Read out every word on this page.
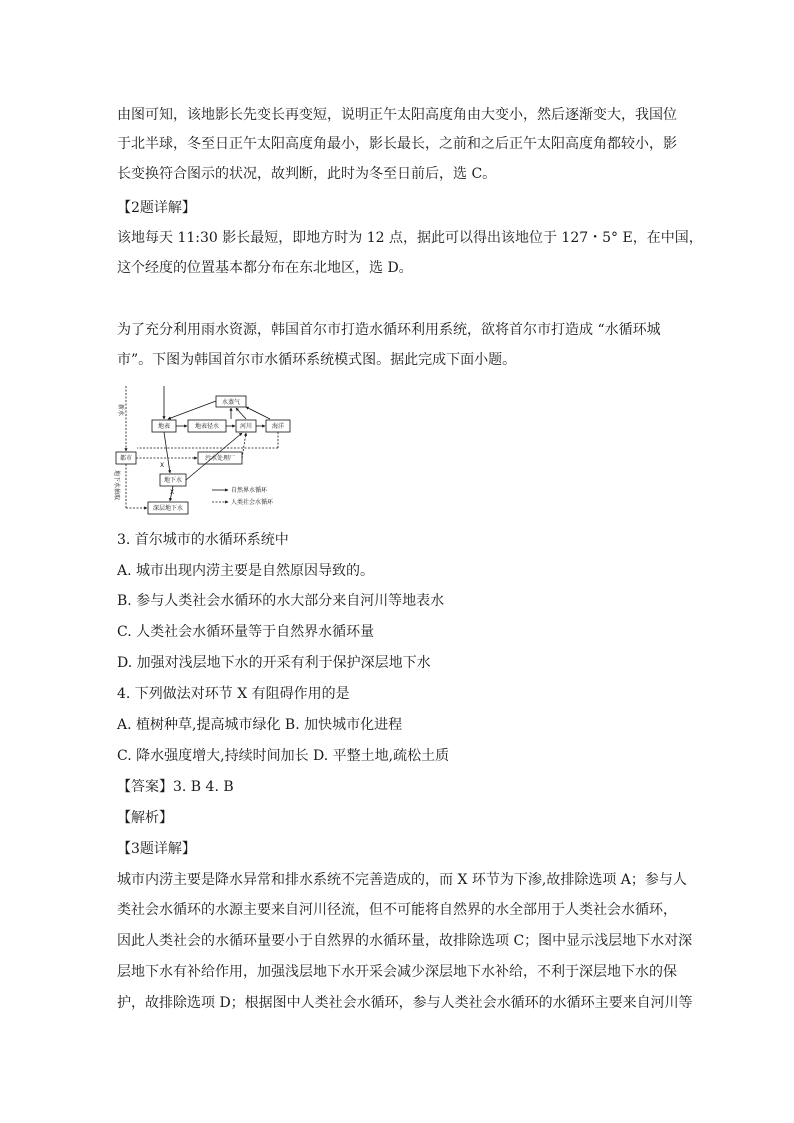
由图可知，该地影长先变长再变短，说明正午太阳高度角由大变小，然后逐渐变大，我国位
于北半球，冬至日正午太阳高度角最小，影长最长，之前和之后正午太阳高度角都较小，影
长变换符合图示的状况，故判断，此时为冬至日前后，选 C。
【2题详解】
该地每天 11:30 影长最短，即地方时为 12 点，据此可以得出该地位于 127・5° E，在中国，
这个经度的位置基本都分布在东北地区，选 D。
为了充分利用雨水资源，韩国首尔市打造水循环利用系统，欲将首尔市打造成 “水循环城
市”。下图为韩国首尔市水循环系统模式图。据此完成下面小题。
水蒸气
地表	地表径水	河川	海洋
都市	污水处理厂
地下水
深层地下水
新水
地下水抽取
X
X	自然界水循环
人类社会水循环
3. 首尔城市的水循环系统中
A. 城市出现内涝主要是自然原因导致的。
B. 参与人类社会水循环的水大部分来自河川等地表水
C. 人类社会水循环量等于自然界水循环量
D. 加强对浅层地下水的开采有利于保护深层地下水
4. 下列做法对环节 X 有阻碍作用的是
A. 植树种草,提高城市绿化 B. 加快城市化进程
C. 降水强度增大,持续时间加长 D. 平整土地,疏松土质
【答案】3. B 4. B
【解析】
【3题详解】
城市内涝主要是降水异常和排水系统不完善造成的，而 X 环节为下渗,故排除选项 A；参与人
类社会水循环的水源主要来自河川径流，但不可能将自然界的水全部用于人类社会水循环，
因此人类社会的水循环量要小于自然界的水循环量，故排除选项 C；图中显示浅层地下水对深
层地下水有补给作用，加强浅层地下水开采会减少深层地下水补给，不利于深层地下水的保
护，故排除选项 D；根据图中人类社会水循环，参与人类社会水循环的水循环主要来自河川等
